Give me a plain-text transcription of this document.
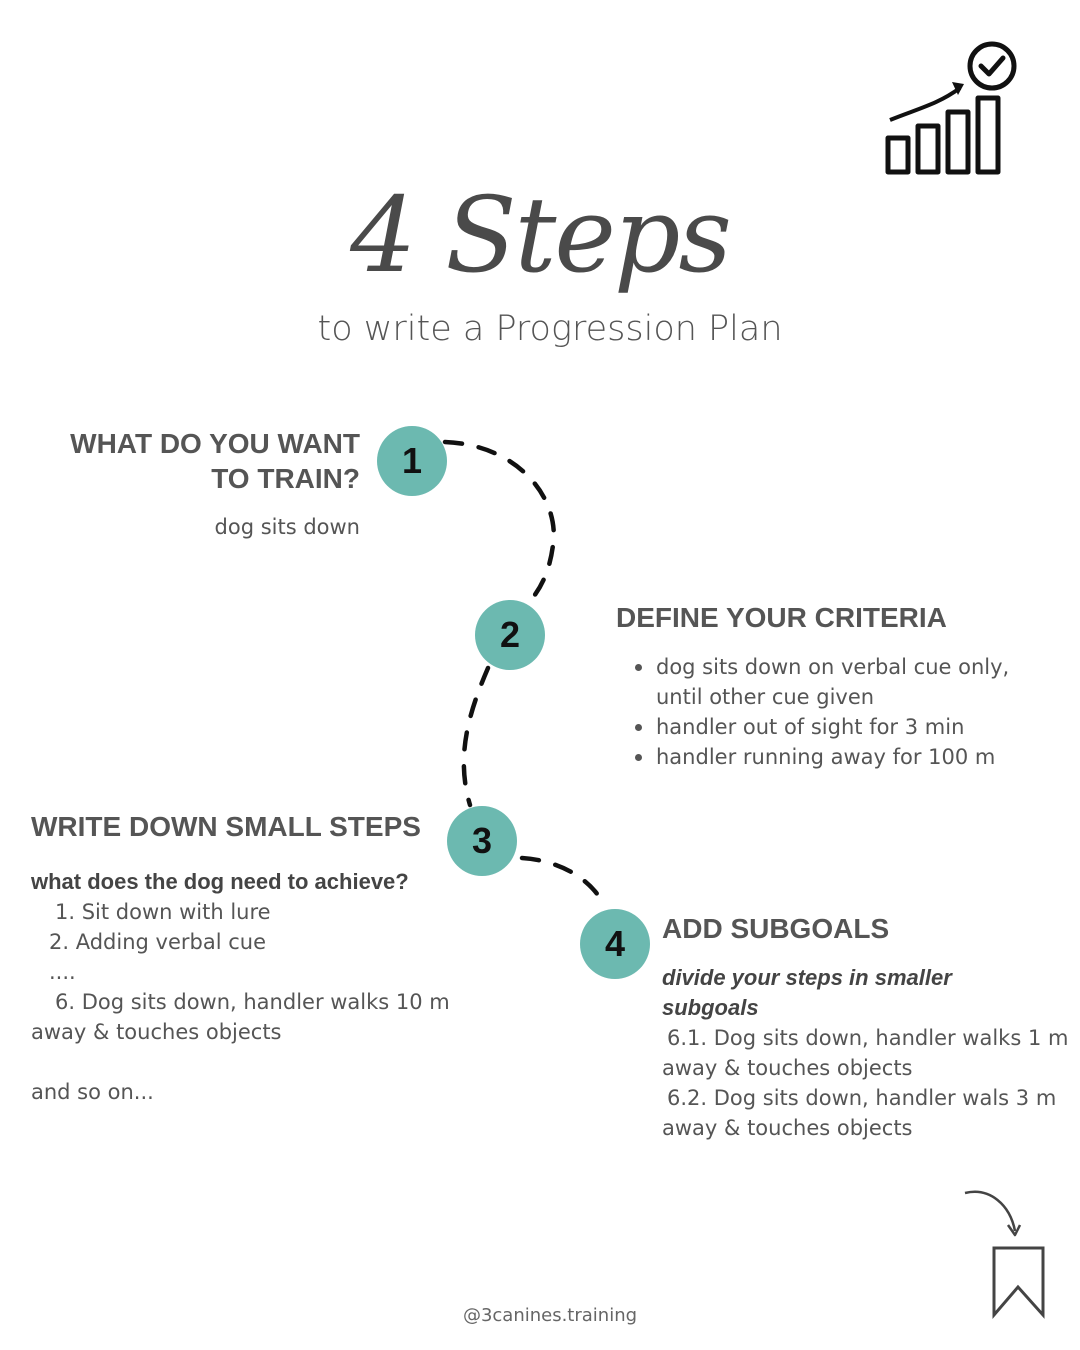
4 Steps
to write a Progression Plan
WHAT DO YOU WANT
TO TRAIN?	1
dog sits down
2	DEFINE YOUR CRITERIA
dog sits down on verbal cue only,
until other cue given
handler out of sight for 3 min
handler running away for 100 m
WRITE DOWN SMALL STEPS	3
what does the dog need to achieve?
1. Sit down with lure
2. Adding verbal cue
....
6. Dog sits down, handler walks 10 m
away & touches objects
and so on...
4	ADD SUBGOALS
divide your steps in smaller
subgoals
6.1. Dog sits down, handler walks 1 m
away & touches objects
6.2. Dog sits down, handler wals 3 m
away & touches objects
@3canines.training
